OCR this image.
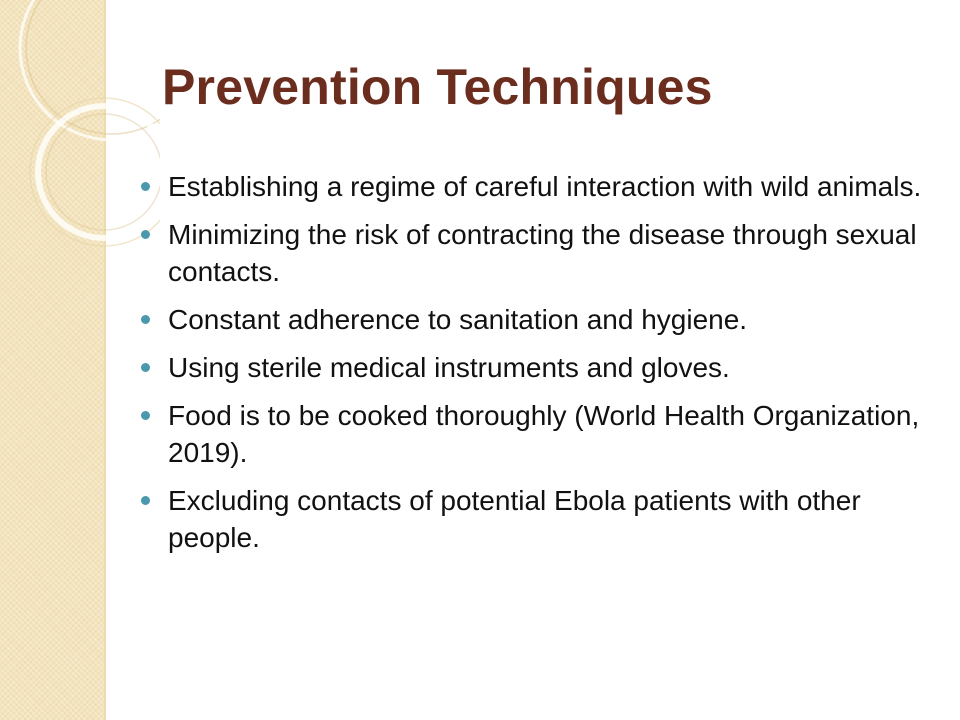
Prevention Techniques
Establishing a regime of careful interaction with wild animals.
Minimizing the risk of contracting the disease through sexual contacts.
Constant adherence to sanitation and hygiene.
Using sterile medical instruments and gloves.
Food is to be cooked thoroughly (World Health Organization, 2019).
Excluding contacts of potential Ebola patients with other people.
